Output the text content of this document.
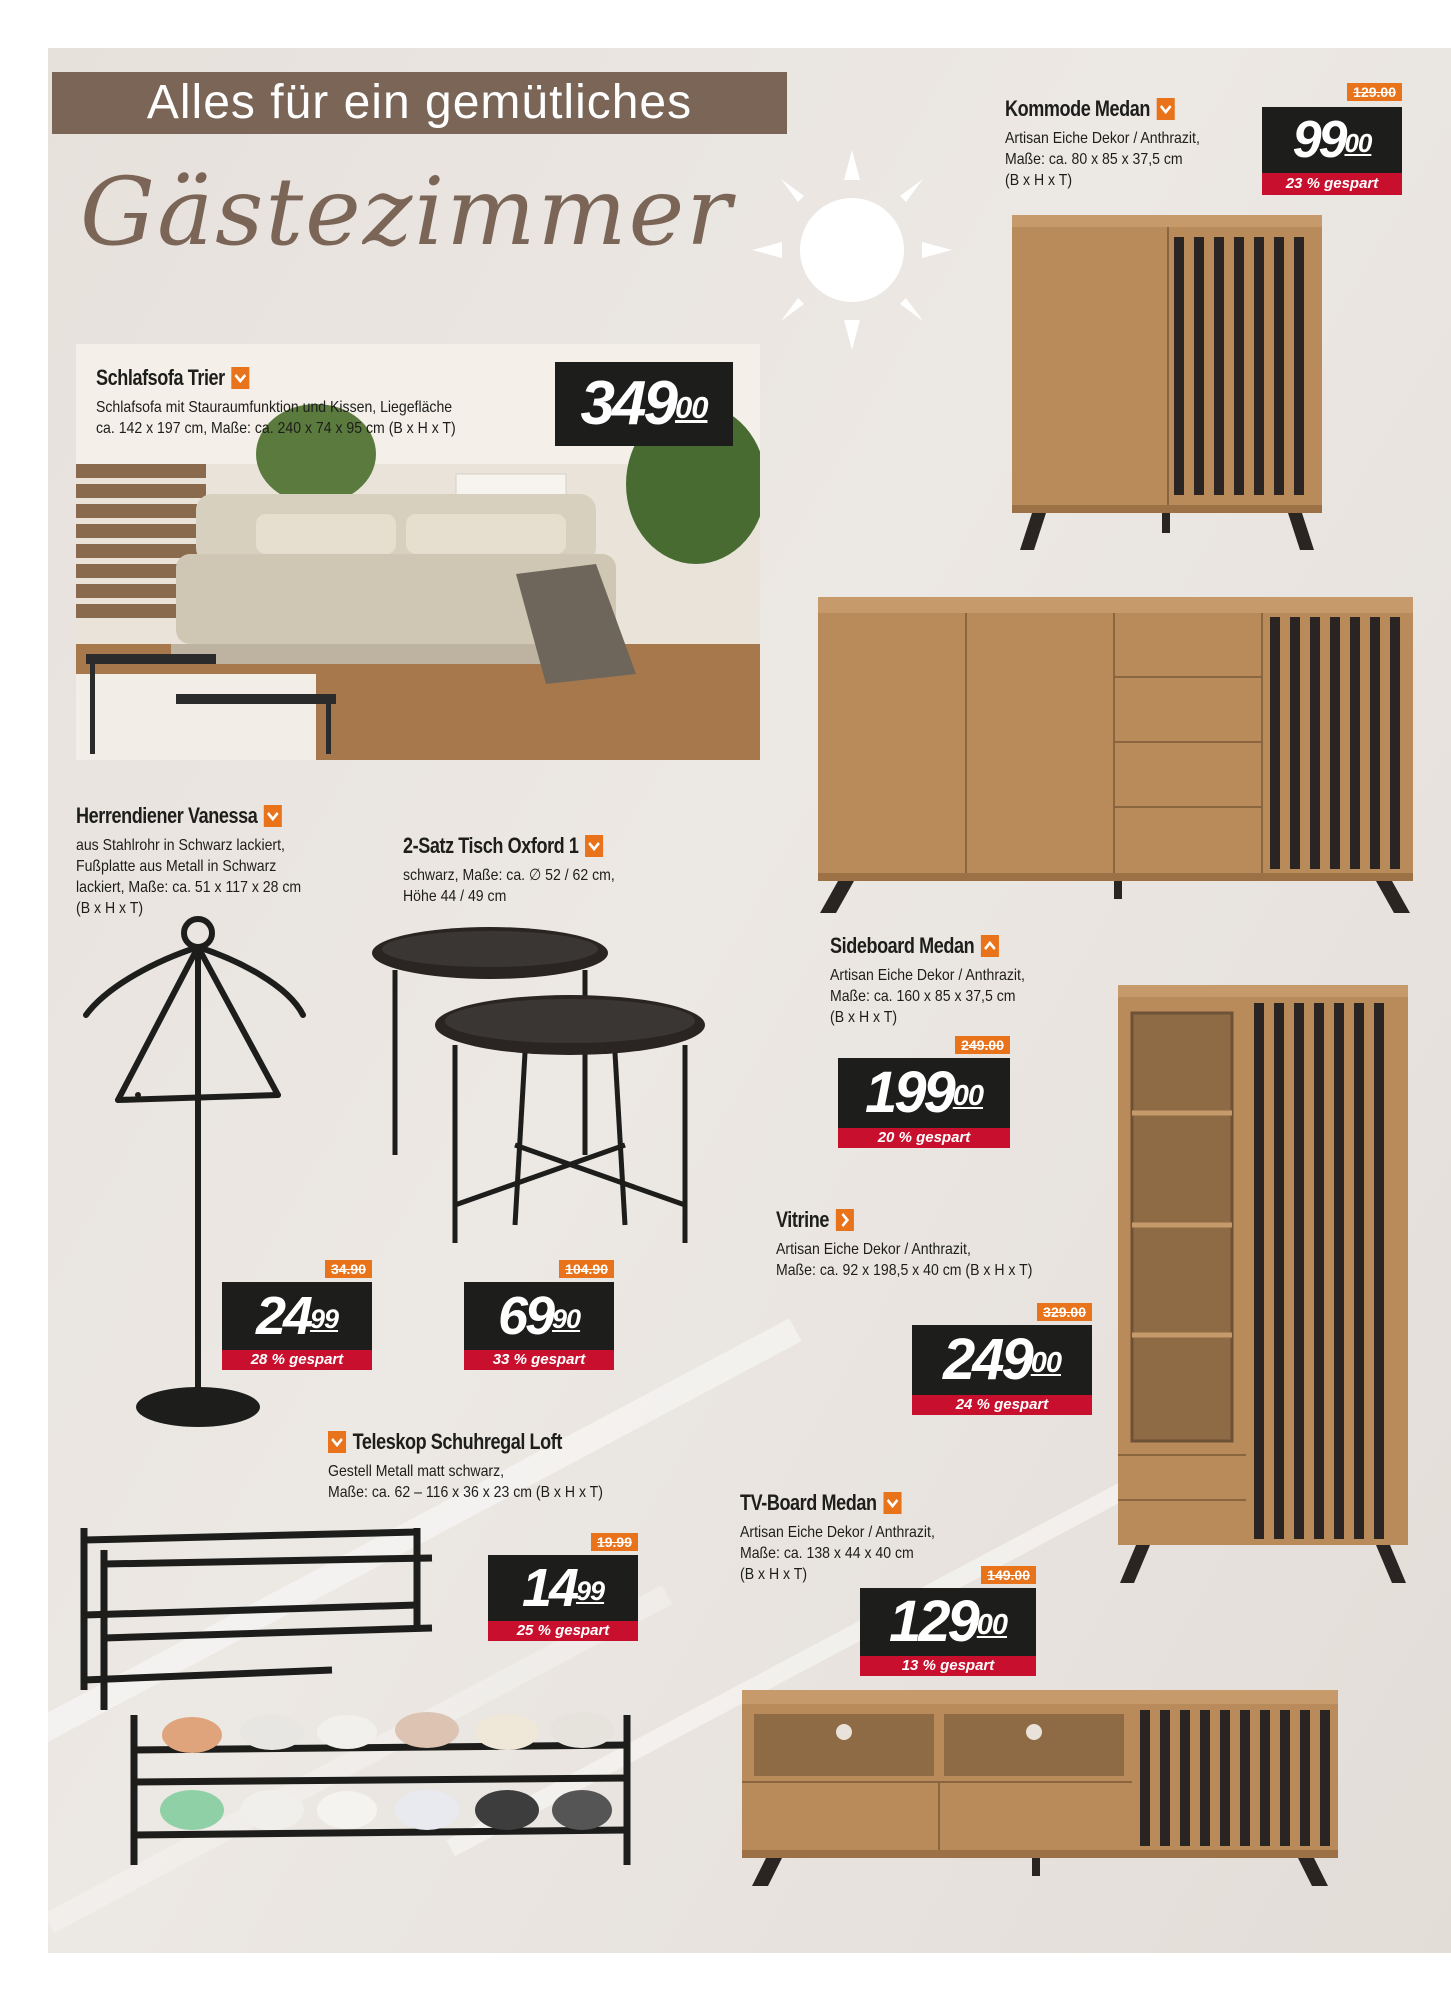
Alles für ein gemütliches
Gästezimmer
Schlafsofa Trier
Schlafsofa mit Stauraumfunktion und Kissen, Liegefläche
ca. 142 x 197 cm, Maße: ca. 240 x 74 x 95 cm (B x H x T) 349 00
Kommode Medan
Artisan Eiche Dekor / Anthrazit,
Maße: ca. 80 x 85 x 37,5 cm
(B x H x T)
129.00
99 00
23 % gespart
Sideboard Medan
Artisan Eiche Dekor / Anthrazit,
Maße: ca. 160 x 85 x 37,5 cm
(B x H x T)
249.00
199 00
20 % gespart
Vitrine
Artisan Eiche Dekor / Anthrazit,
Maße: ca. 92 x 198,5 x 40 cm (B x H x T)
329.00
249 00
24 % gespart
Herrendiener Vanessa
aus Stahlrohr in Schwarz lackiert,
Fußplatte aus Metall in Schwarz
lackiert, Maße: ca. 51 x 117 x 28 cm
(B x H x T)
34.90
24 99
28 % gespart
2-Satz Tisch Oxford 1
schwarz, Maße: ca. ∅ 52 / 62 cm,
Höhe 44 / 49 cm
104.90
69 90
33 % gespart
Teleskop Schuhregal Loft
Gestell Metall matt schwarz,
Maße: ca. 62 – 116 x 36 x 23 cm (B x H x T)
19.99
14 99
25 % gespart
TV-Board Medan
Artisan Eiche Dekor / Anthrazit,
Maße: ca. 138 x 44 x 40 cm
(B x H x T)	149.00
129 00
13 % gespart
